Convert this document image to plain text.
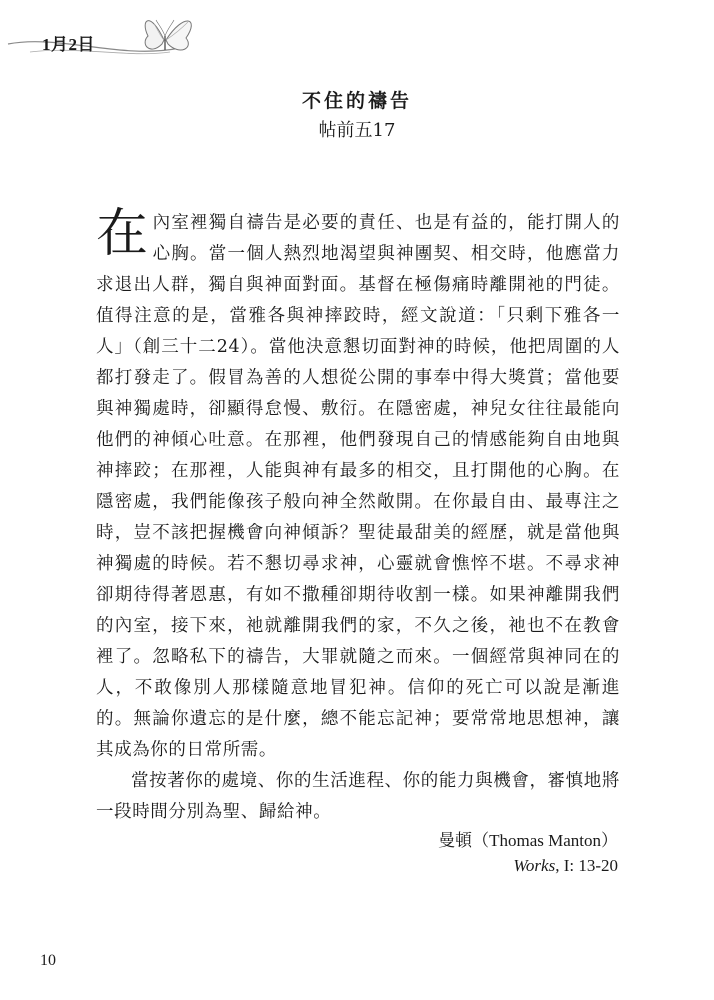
1月2日
不住的禱告
帖前五17

在內室裡獨自禱告是必要的責任、也是有益的，能打開人的心胸。當一個人熱烈地渴望與神團契、相交時，他應當力求退出人群，獨自與神面對面。基督在極傷痛時離開祂的門徒。值得注意的是，當雅各與神摔跤時，經文說道：「只剩下雅各一人」（創三十二24）。當他決意懇切面對神的時候，他把周圍的人都打發走了。假冒為善的人想從公開的事奉中得大獎賞；當他要與神獨處時，卻顯得怠慢、敷衍。在隱密處，神兒女往往最能向他們的神傾心吐意。在那裡，他們發現自己的情感能夠自由地與神摔跤；在那裡，人能與神有最多的相交，且打開他的心胸。在隱密處，我們能像孩子般向神全然敞開。在你最自由、最專注之時，豈不該把握機會向神傾訴？聖徒最甜美的經歷，就是當他與神獨處的時候。若不懇切尋求神，心靈就會憔悴不堪。不尋求神卻期待得著恩惠，有如不撒種卻期待收割一樣。如果神離開我們的內室，接下來，祂就離開我們的家，不久之後，祂也不在教會裡了。忽略私下的禱告，大罪就隨之而來。一個經常與神同在的人，不敢像別人那樣隨意地冒犯神。信仰的死亡可以說是漸進的。無論你遺忘的是什麼，總不能忘記神；要常常地思想神，讓其成為你的日常所需。

當按著你的處境、你的生活進程、你的能力與機會，審慎地將一段時間分別為聖、歸給神。

曼頓（Thomas Manton）
Works, I: 13-20
10
